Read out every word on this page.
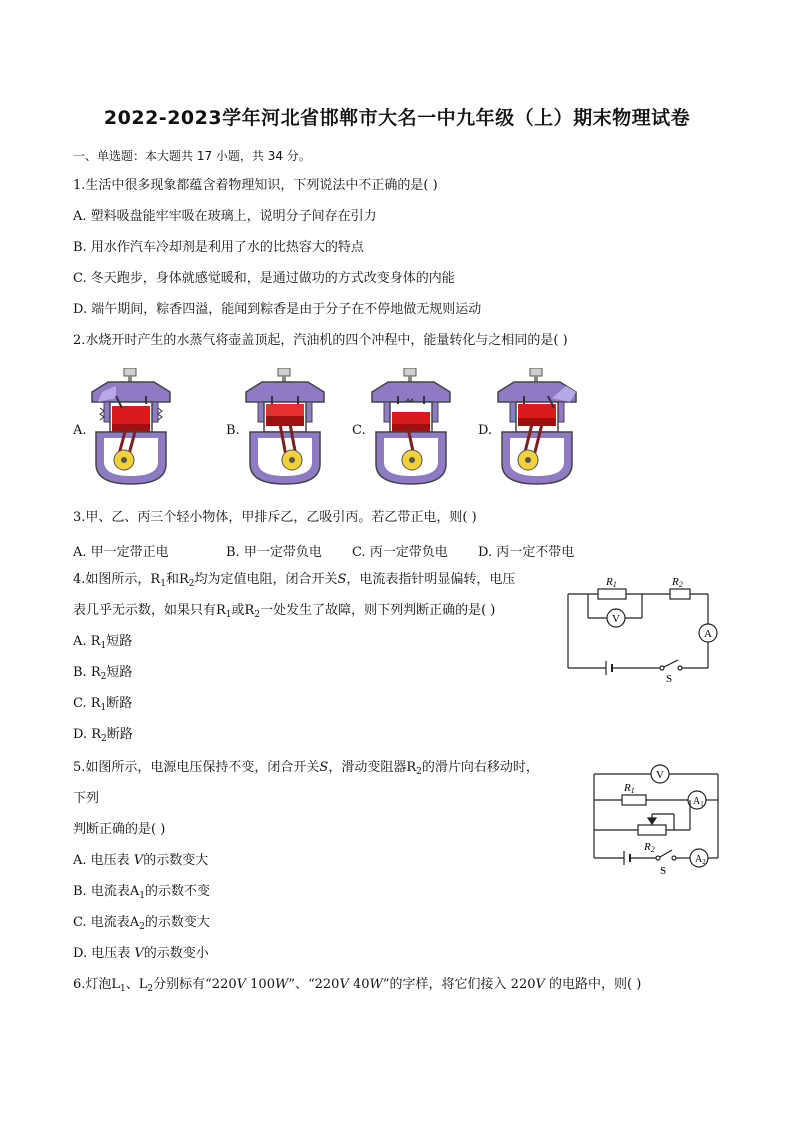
2022-2023学年河北省邯郸市大名一中九年级（上）期末物理试卷
一、单选题：本大题共 17 小题，共 34 分。
1.生活中很多现象都蕴含着物理知识，下列说法中不正确的是( )
A. 塑料吸盘能牢牢吸在玻璃上，说明分子间存在引力
B. 用水作汽车冷却剂是利用了水的比热容大的特点
C. 冬天跑步，身体就感觉暖和，是通过做功的方式改变身体的内能
D. 端午期间，粽香四溢，能闻到粽香是由于分子在不停地做无规则运动
2.水烧开时产生的水蒸气将壶盖顶起，汽油机的四个冲程中，能量转化与之相同的是( )
A.	B.	C.	D.
3.甲、乙、丙三个轻小物体，甲排斥乙，乙吸引丙。若乙带正电，则( )
A. 甲一定带正电	B. 甲一定带负电 C. 丙一定带负电 D. 丙一定不带电
4.如图所示，$R_1$和$R_2$均为定值电阻，闭合开关S，电流表指针明显偏转，电压
表几乎无示数，如果只有$R_1$或$R_2$一处发生了故障，则下列判断正确的是( )
A. $R_1$短路
B. $R_2$短路
C. $R_1$断路
D. $R_2$断路
R1	R2
V
A
S
5.如图所示，电源电压保持不变，闭合开关S，滑动变阻器$R_2$的滑片向右移动时，
下列
判断正确的是( )
A. 电压表 V的示数变大
B. 电流表$A_1$的示数不变
C. 电流表$A_2$的示数变大
D. 电压表 V的示数变小
V
R1
$A_1$
R2
$A_2$
S
6.灯泡$L_1$、$L_2$分别标有“220V 100W”、“220V 40W”的字样，将它们接入 220V 的电路中，则( )
